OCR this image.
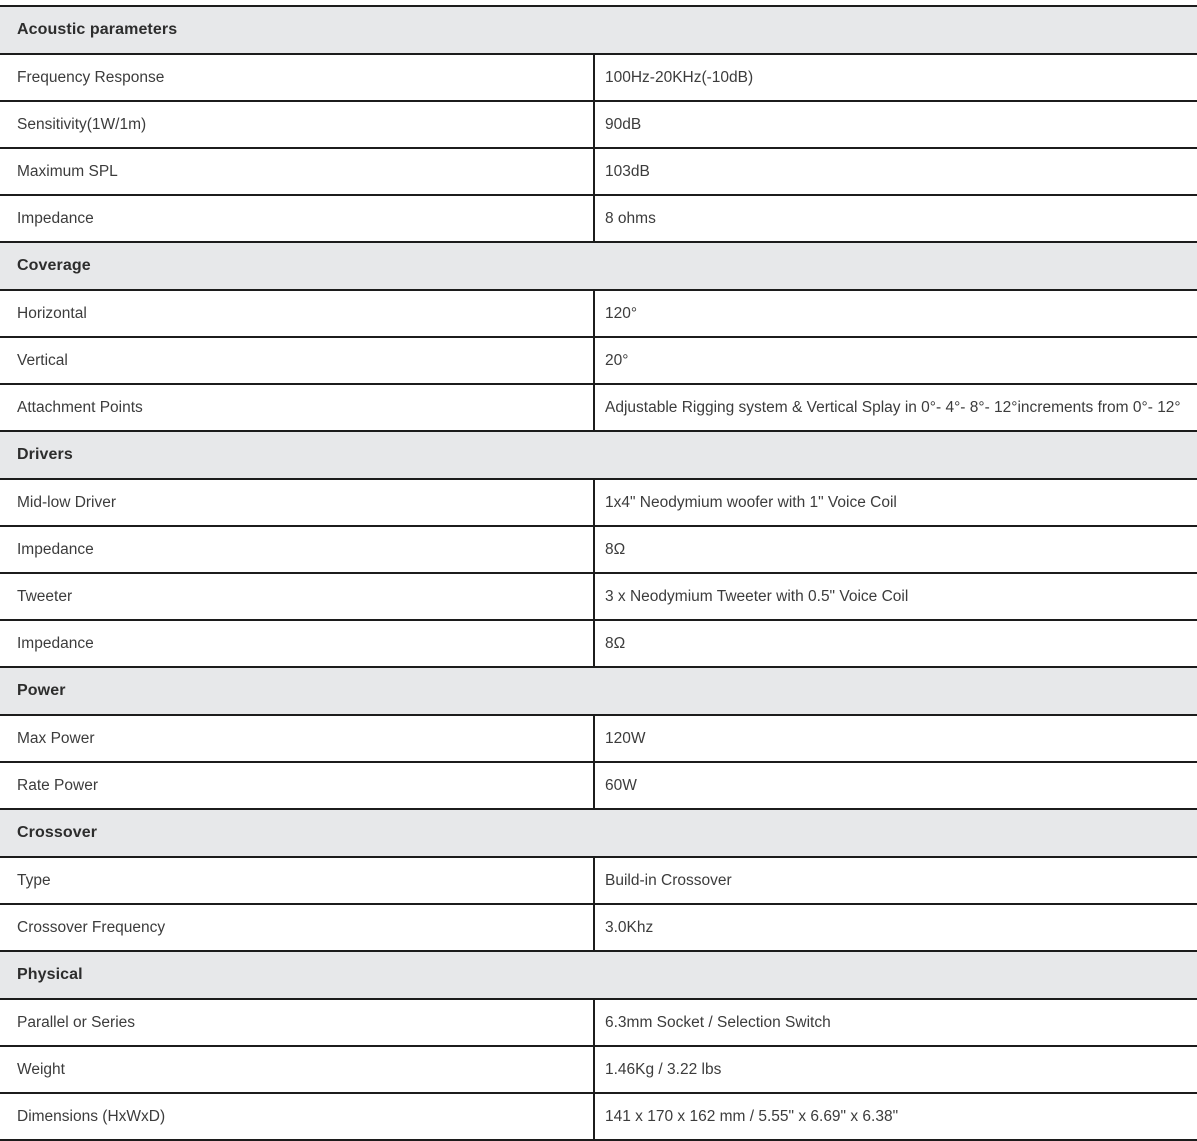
Acoustic parameters
Frequency Response	100Hz-20KHz(-10dB)
Sensitivity(1W/1m)	90dB
Maximum SPL	103dB
Impedance	8 ohms
Coverage
Horizontal	120°
Vertical	20°
Attachment Points	Adjustable Rigging system & Vertical Splay in 0°- 4°- 8°- 12°increments from 0°- 12°
Drivers
Mid-low Driver	1x4" Neodymium woofer with 1" Voice Coil
Impedance	8Ω
Tweeter	3 x Neodymium Tweeter with 0.5" Voice Coil
Impedance	8Ω
Power
Max Power	120W
Rate Power	60W
Crossover
Type	Build-in Crossover
Crossover Frequency	3.0Khz
Physical
Parallel or Series	6.3mm Socket / Selection Switch
Weight	1.46Kg / 3.22 lbs
Dimensions (HxWxD)	141 x 170 x 162 mm / 5.55" x 6.69" x 6.38"
